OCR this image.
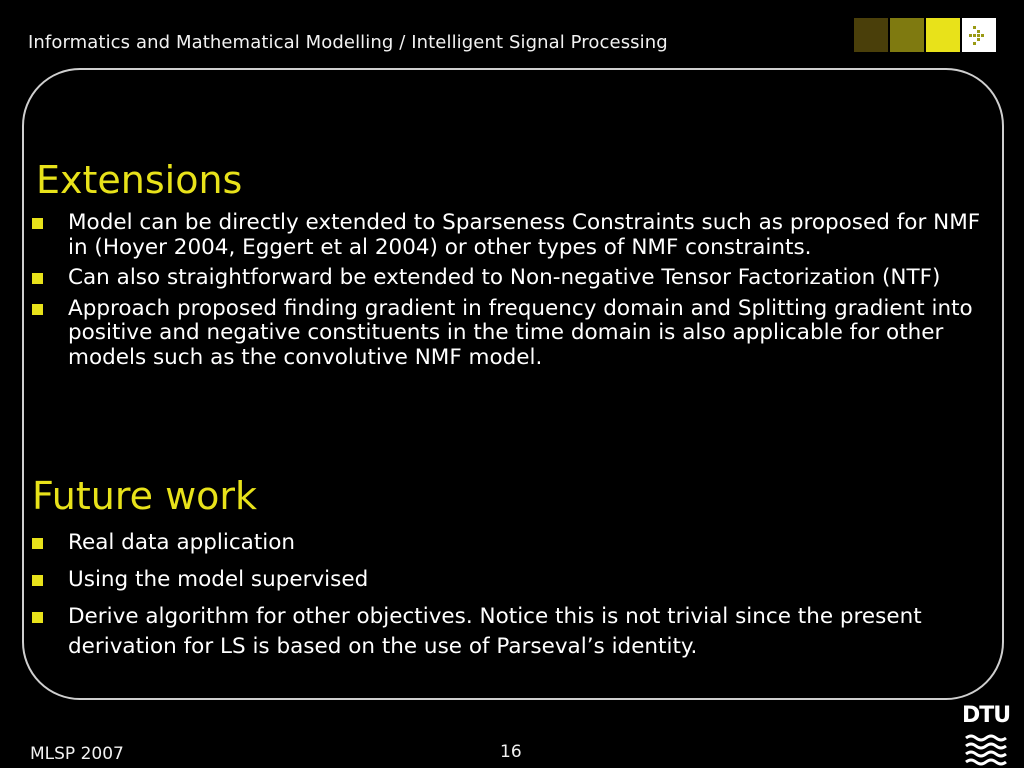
Informatics and Mathematical Modelling / Intelligent Signal Processing
Extensions
Model can be directly extended to Sparseness Constraints such as proposed for NMF in (Hoyer 2004, Eggert et al 2004) or other types of NMF constraints.
Can also straightforward be extended to Non-negative Tensor Factorization (NTF)
Approach proposed finding gradient in frequency domain and Splitting gradient into positive and negative constituents in the time domain is also applicable for other models such as the convolutive NMF model.
Future work
Real data application
Using the model supervised
Derive algorithm for other objectives. Notice this is not trivial since the present derivation for LS is based on the use of Parseval’s identity.
MLSP 2007	16
DTU
